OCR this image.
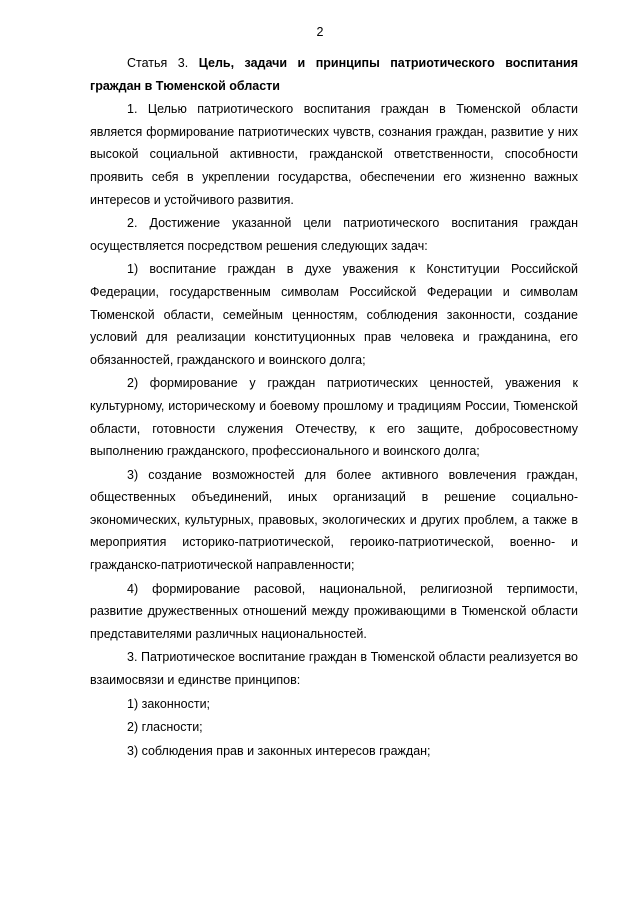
2

Статья 3. Цель, задачи и принципы патриотического воспитания граждан в Тюменской области

1. Целью патриотического воспитания граждан в Тюменской области является формирование патриотических чувств, сознания граждан, развитие у них высокой социальной активности, гражданской ответственности, способности проявить себя в укреплении государства, обеспечении его жизненно важных интересов и устойчивого развития.

2. Достижение указанной цели патриотического воспитания граждан осуществляется посредством решения следующих задач:

1) воспитание граждан в духе уважения к Конституции Российской Федерации, государственным символам Российской Федерации и символам Тюменской области, семейным ценностям, соблюдения законности, создание условий для реализации конституционных прав человека и гражданина, его обязанностей, гражданского и воинского долга;

2) формирование у граждан патриотических ценностей, уважения к культурному, историческому и боевому прошлому и традициям России, Тюменской области, готовности служения Отечеству, к его защите, добросовестному выполнению гражданского, профессионального и воинского долга;

3) создание возможностей для более активного вовлечения граждан, общественных объединений, иных организаций в решение социально-экономических, культурных, правовых, экологических и других проблем, а также в мероприятия историко-патриотической, героико-патриотической, военно- и гражданско-патриотической направленности;

4) формирование расовой, национальной, религиозной терпимости, развитие дружественных отношений между проживающими в Тюменской области представителями различных национальностей.

3. Патриотическое воспитание граждан в Тюменской области реализуется во взаимосвязи и единстве принципов:

1) законности;

2) гласности;

3) соблюдения прав и законных интересов граждан;
